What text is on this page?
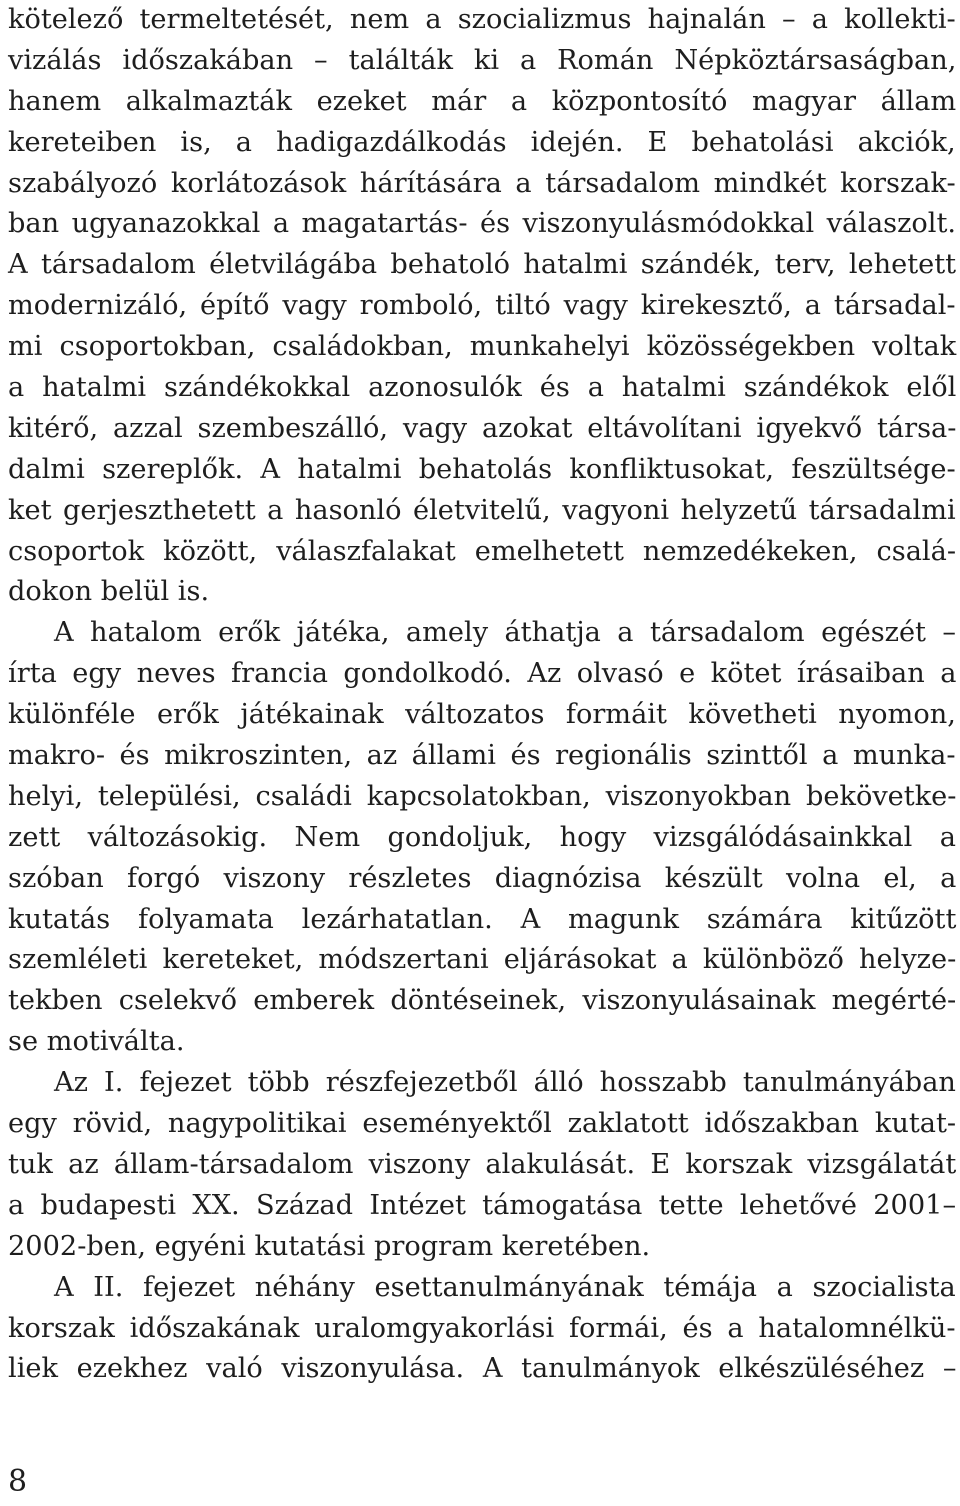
kötelező termeltetését, nem a szocializmus hajnalán – a kollekti-
vizálás időszakában – találták ki a Román Népköztársaságban,
hanem alkalmazták ezeket már a központosító magyar állam
kereteiben is, a hadigazdálkodás idején. E behatolási akciók,
szabályozó korlátozások hárítására a társadalom mindkét korszak-
ban ugyanazokkal a magatartás- és viszonyulásmódokkal válaszolt.
A társadalom életvilágába behatoló hatalmi szándék, terv, lehetett
modernizáló, építő vagy romboló, tiltó vagy kirekesztő, a társadal-
mi csoportokban, családokban, munkahelyi közösségekben voltak
a hatalmi szándékokkal azonosulók és a hatalmi szándékok elől
kitérő, azzal szembeszálló, vagy azokat eltávolítani igyekvő társa-
dalmi szereplők. A hatalmi behatolás konfliktusokat, feszültsége-
ket gerjeszthetett a hasonló életvitelű, vagyoni helyzetű társadalmi
csoportok között, válaszfalakat emelhetett nemzedékeken, csalá-
dokon belül is.
A hatalom erők játéka, amely áthatja a társadalom egészét –
írta egy neves francia gondolkodó. Az olvasó e kötet írásaiban a
különféle erők játékainak változatos formáit követheti nyomon,
makro- és mikroszinten, az állami és regionális szinttől a munka-
helyi, települési, családi kapcsolatokban, viszonyokban bekövetke-
zett változásokig. Nem gondoljuk, hogy vizsgálódásainkkal a
szóban forgó viszony részletes diagnózisa készült volna el, a
kutatás folyamata lezárhatatlan. A magunk számára kitűzött
szemléleti kereteket, módszertani eljárásokat a különböző helyze-
tekben cselekvő emberek döntéseinek, viszonyulásainak megérté-
se motiválta.
Az I. fejezet több részfejezetből álló hosszabb tanulmányában
egy rövid, nagypolitikai eseményektől zaklatott időszakban kutat-
tuk az állam-társadalom viszony alakulását. E korszak vizsgálatát
a budapesti XX. Század Intézet támogatása tette lehetővé 2001–
2002-ben, egyéni kutatási program keretében.
A II. fejezet néhány esettanulmányának témája a szocialista
korszak időszakának uralomgyakorlási formái, és a hatalomnélkü-
liek ezekhez való viszonyulása. A tanulmányok elkészüléséhez –
8
